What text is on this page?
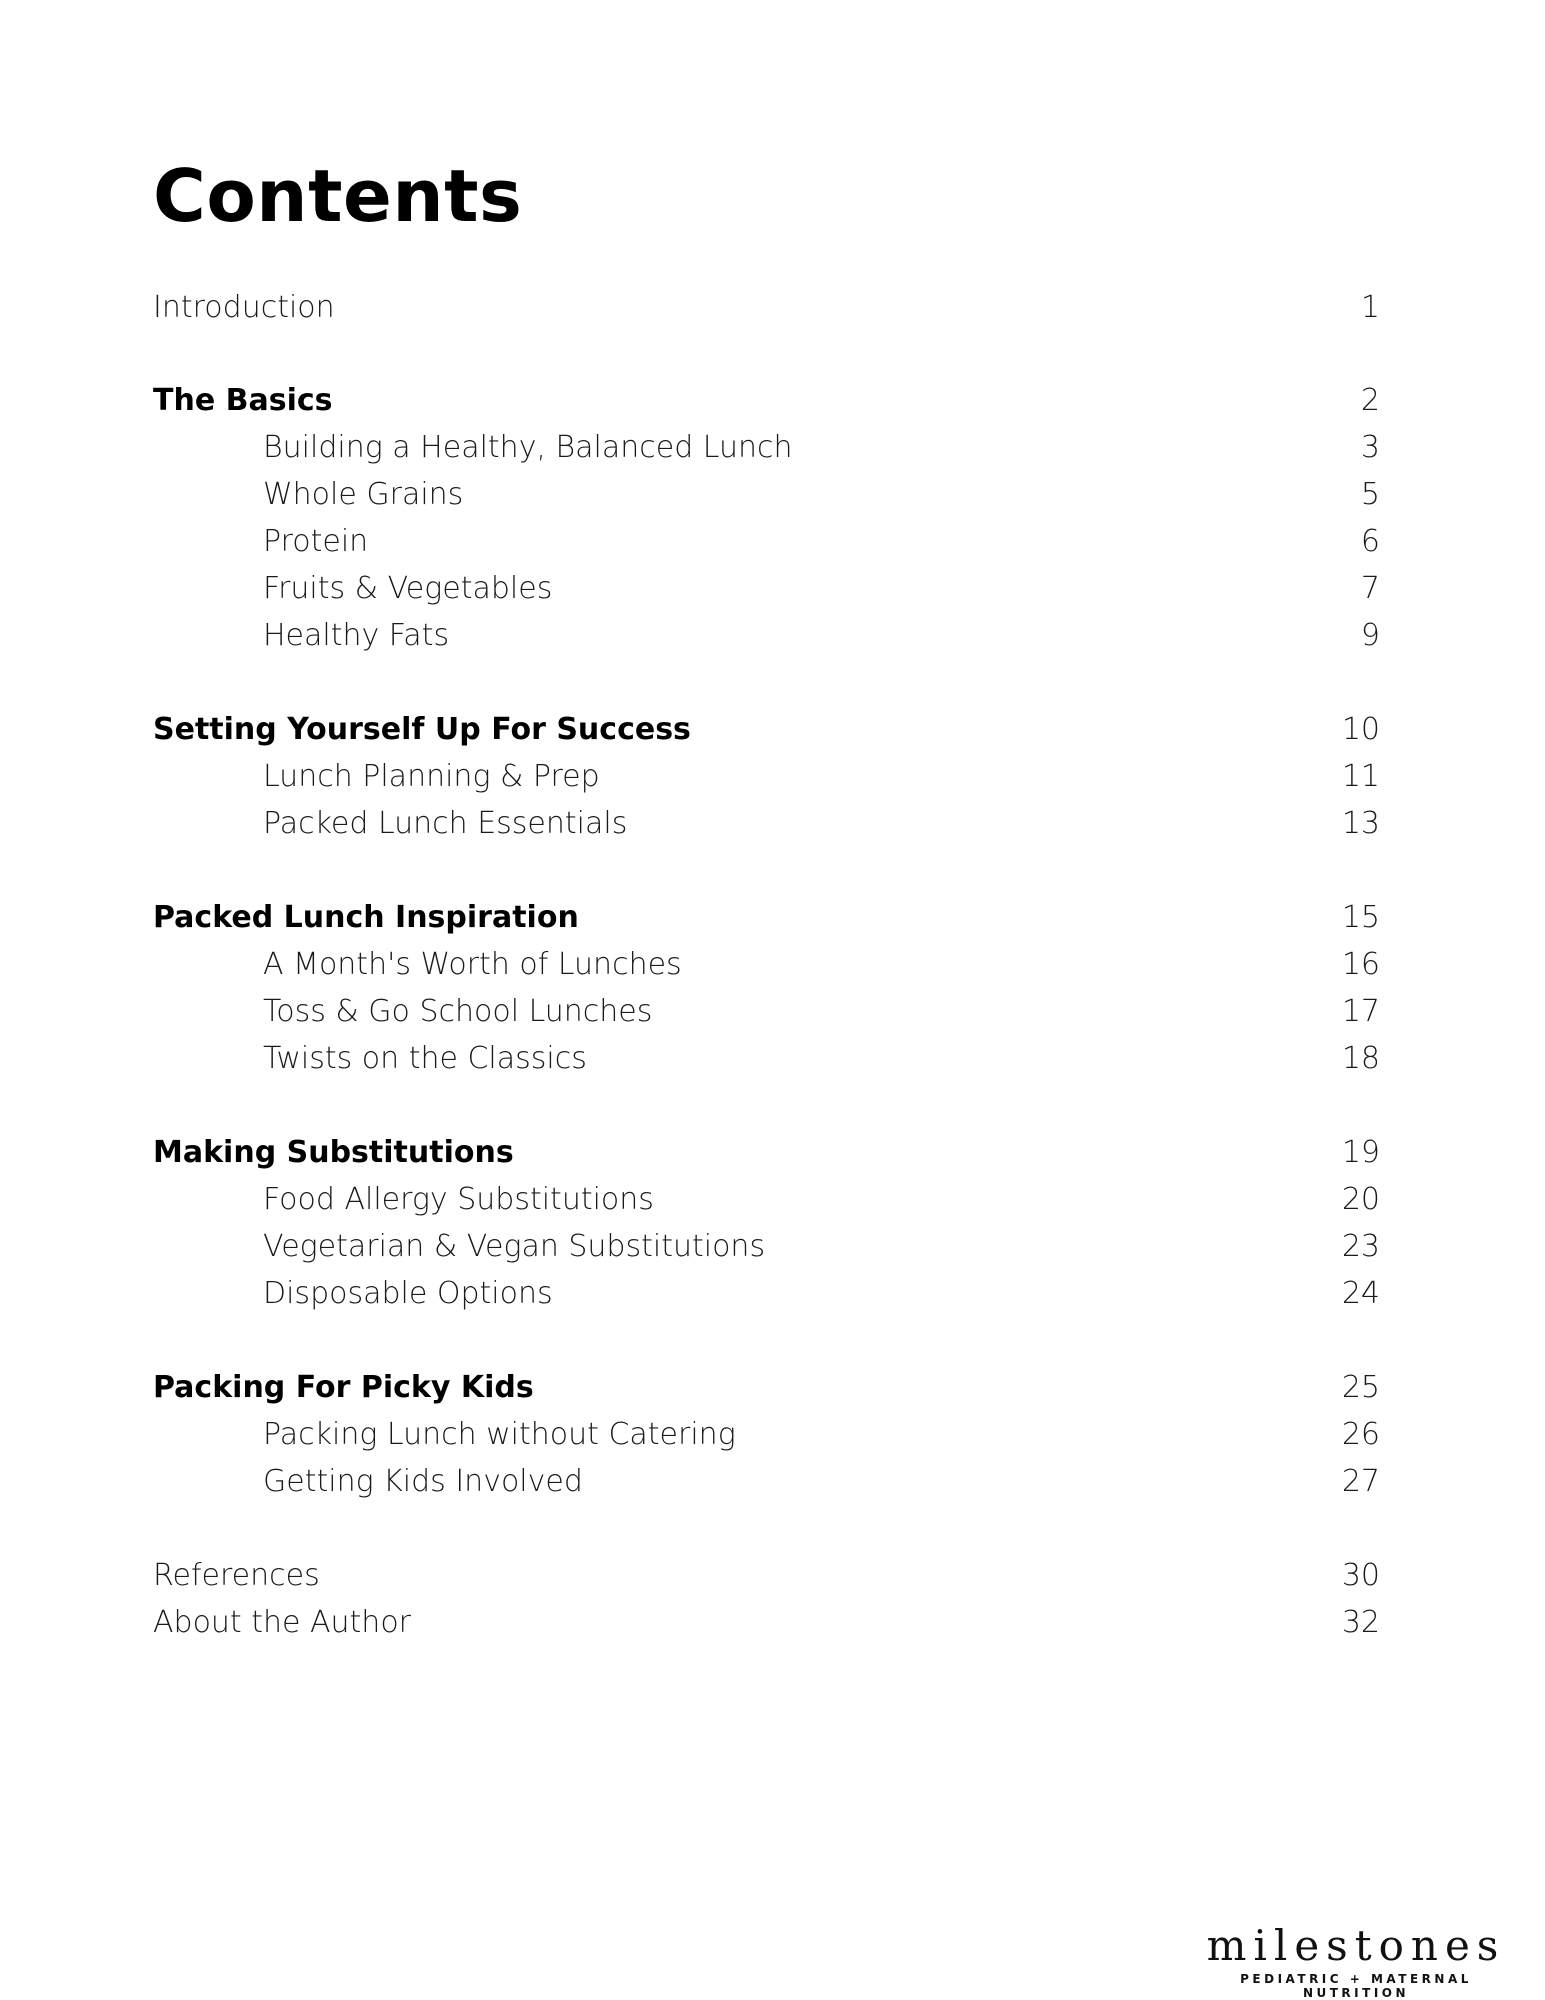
Contents
Introduction	1
The Basics	2
Building a Healthy, Balanced Lunch	3
Whole Grains	5
Protein	6
Fruits & Vegetables	7
Healthy Fats	9
Setting Yourself Up For Success	10
Lunch Planning & Prep	11
Packed Lunch Essentials	13
Packed Lunch Inspiration	15
A Month's Worth of Lunches	16
Toss & Go School Lunches	17
Twists on the Classics	18
Making Substitutions	19
Food Allergy Substitutions	20
Vegetarian & Vegan Substitutions	23
Disposable Options	24
Packing For Picky Kids	25
Packing Lunch without Catering	26
Getting Kids Involved	27
References	30
About the Author	32
milestones
PEDIATRIC + MATERNAL NUTRITION
